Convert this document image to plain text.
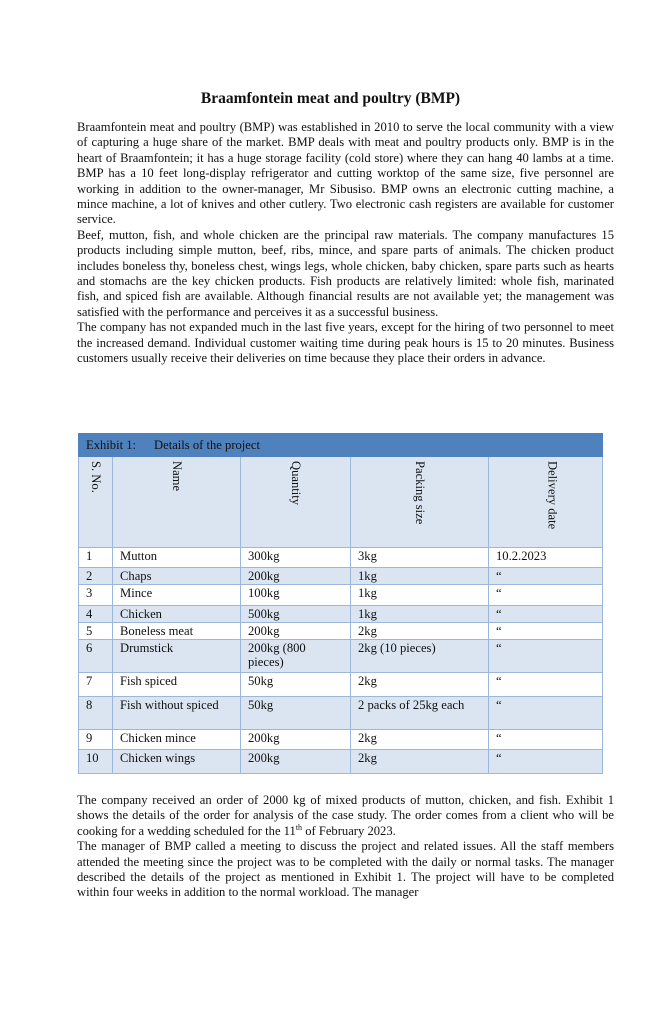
Braamfontein meat and poultry (BMP)
Braamfontein meat and poultry (BMP) was established in 2010 to serve the local community with a view of capturing a huge share of the market. BMP deals with meat and poultry products only. BMP is in the heart of Braamfontein; it has a huge storage facility (cold store) where they can hang 40 lambs at a time. BMP has a 10 feet long-display refrigerator and cutting worktop of the same size, five personnel are working in addition to the owner-manager, Mr Sibusiso. BMP owns an electronic cutting machine, a mince machine, a lot of knives and other cutlery. Two electronic cash registers are available for customer service.
Beef, mutton, fish, and whole chicken are the principal raw materials. The company manufactures 15 products including simple mutton, beef, ribs, mince, and spare parts of animals. The chicken product includes boneless thy, boneless chest, wings legs, whole chicken, baby chicken, spare parts such as hearts and stomachs are the key chicken products. Fish products are relatively limited: whole fish, marinated fish, and spiced fish are available. Although financial results are not available yet; the management was satisfied with the performance and perceives it as a successful business.
The company has not expanded much in the last five years, except for the hiring of two personnel to meet the increased demand. Individual customer waiting time during peak hours is 15 to 20 minutes. Business customers usually receive their deliveries on time because they place their orders in advance.
Exhibit 1: Details of the project				

S. No.	Name	Quantity	Packing size	Delivery date

1	Mutton	300kg	3kg	10.2.2023
2	Chaps	200kg	1kg	“
3	Mince	100kg	1kg	“
4	Chicken	500kg	1kg	“
5	Boneless meat	200kg	2kg	“
6	Drumstick	200kg (800 pieces)	2kg (10 pieces)	“
7	Fish spiced	50kg	2kg	“
8	Fish without spiced	50kg	2 packs of 25kg each	“
9	Chicken mince	200kg	2kg	“
10	Chicken wings	200kg	2kg	“
The company received an order of 2000 kg of mixed products of mutton, chicken, and fish. Exhibit 1 shows the details of the order for analysis of the case study. The order comes from a client who will be cooking for a wedding scheduled for the 11th of February 2023.
The manager of BMP called a meeting to discuss the project and related issues. All the staff members attended the meeting since the project was to be completed with the daily or normal tasks. The manager described the details of the project as mentioned in Exhibit 1. The project will have to be completed within four weeks in addition to the normal workload. The manager
